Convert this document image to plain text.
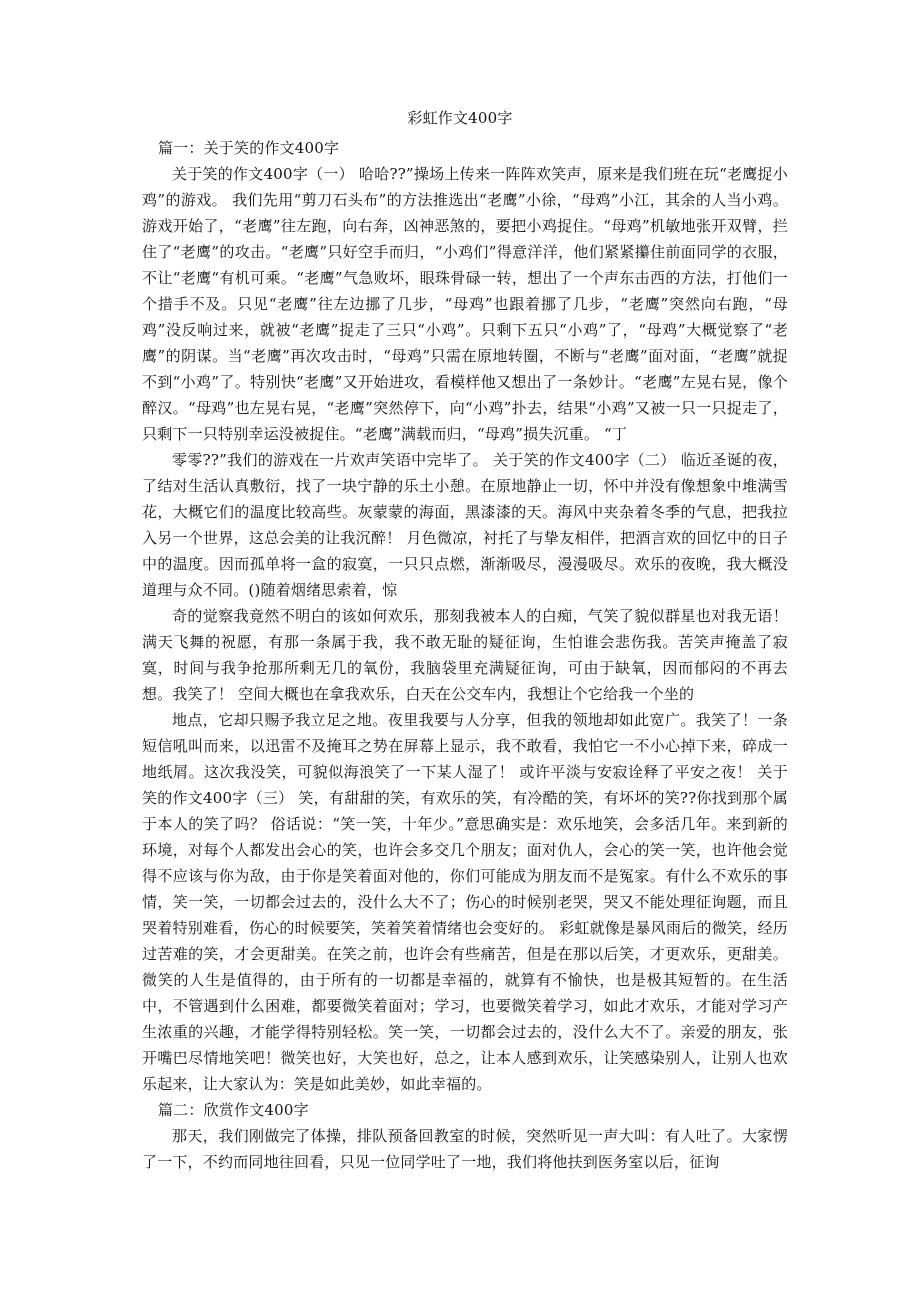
彩虹作文400字

篇一：关于笑的作文400字

关于笑的作文400字（一） 哈哈??”操场上传来一阵阵欢笑声，原来是我们班在玩“老鹰捉小鸡”的游戏。 我们先用“剪刀石头布”的方法推选出“老鹰”小徐，“母鸡”小江，其余的人当小鸡。 游戏开始了，“老鹰”往左跑，向右奔，凶神恶煞的，要把小鸡捉住。“母鸡”机敏地张开双臂，拦住了“老鹰”的攻击。“老鹰”只好空手而归，“小鸡们”得意洋洋，他们紧紧攥住前面同学的衣服，不让“老鹰“有机可乘。“老鹰”气急败坏，眼珠骨碌一转，想出了一个声东击西的方法，打他们一个措手不及。只见“老鹰”往左边挪了几步，“母鸡”也跟着挪了几步，“老鹰”突然向右跑，“母鸡”没反响过来，就被“老鹰”捉走了三只“小鸡”。只剩下五只“小鸡”了，“母鸡”大概觉察了“老鹰”的阴谋。当“老鹰”再次攻击时，“母鸡”只需在原地转圈，不断与“老鹰”面对面，“老鹰”就捉不到“小鸡”了。特别快“老鹰”又开始进攻，看模样他又想出了一条妙计。“老鹰”左晃右晃，像个醉汉。“母鸡”也左晃右晃，“老鹰”突然停下，向“小鸡”扑去，结果“小鸡”又被一只一只捉走了，只剩下一只特别幸运没被捉住。“老鹰”满载而归，“母鸡”损失沉重。 “丁

零零??”我们的游戏在一片欢声笑语中完毕了。 关于笑的作文400字（二） 临近圣诞的夜，了结对生活认真敷衍，找了一块宁静的乐土小憩。在原地静止一切，怀中并没有像想象中堆满雪花，大概它们的温度比较高些。灰蒙蒙的海面，黑漆漆的天。海风中夹杂着冬季的气息，把我拉入另一个世界，这总会美的让我沉醉！ 月色微凉，衬托了与挚友相伴，把酒言欢的回忆中的日子中的温度。因而孤单将一盒的寂寞，一只只点燃，渐渐吸尽，漫漫吸尽。欢乐的夜晚，我大概没道理与众不同。()随着烟绪思索着，惊

奇的觉察我竟然不明白的该如何欢乐，那刻我被本人的白痴，气笑了貌似群星也对我无语！ 满天飞舞的祝愿，有那一条属于我，我不敢无耻的疑征询，生怕谁会悲伤我。苦笑声掩盖了寂寞，时间与我争抢那所剩无几的氧份，我脑袋里充满疑征询，可由于缺氧，因而郁闷的不再去想。我笑了！ 空间大概也在拿我欢乐，白天在公交车内，我想让个它给我一个坐的

地点，它却只赐予我立足之地。夜里我要与人分享，但我的领地却如此宽广。我笑了！一条短信吼叫而来，以迅雷不及掩耳之势在屏幕上显示，我不敢看，我怕它一不小心掉下来，碎成一地纸屑。这次我没笑，可貌似海浪笑了一下某人湿了！ 或许平淡与安寂诠释了平安之夜！ 关于笑的作文400字（三） 笑，有甜甜的笑，有欢乐的笑，有冷酷的笑，有坏坏的笑??你找到那个属于本人的笑了吗？ 俗话说：“笑一笑，十年少。”意思确实是：欢乐地笑，会多活几年。来到新的环境，对每个人都发出会心的笑，也许会多交几个朋友；面对仇人，会心的笑一笑，也许他会觉得不应该与你为敌，由于你是笑着面对他的，你们可能成为朋友而不是冤家。有什么不欢乐的事情，笑一笑，一切都会过去的，没什么大不了；伤心的时候别老哭，哭又不能处理征询题，而且哭着特别难看，伤心的时候要笑，笑着笑着情绪也会变好的。 彩虹就像是暴风雨后的微笑，经历过苦难的笑，才会更甜美。在笑之前，也许会有些痛苦，但是在那以后笑，才更欢乐，更甜美。微笑的人生是值得的，由于所有的一切都是幸福的，就算有不愉快，也是极其短暂的。在生活中，不管遇到什么困难，都要微笑着面对；学习，也要微笑着学习，如此才欢乐，才能对学习产生浓重的兴趣，才能学得特别轻松。笑一笑，一切都会过去的，没什么大不了。亲爱的朋友，张开嘴巴尽情地笑吧！微笑也好，大笑也好，总之，让本人感到欢乐，让笑感染别人，让别人也欢乐起来，让大家认为：笑是如此美妙，如此幸福的。

篇二：欣赏作文400字

那天，我们刚做完了体操，排队预备回教室的时候，突然听见一声大叫：有人吐了。大家愣了一下，不约而同地往回看，只见一位同学吐了一地，我们将他扶到医务室以后，征询
